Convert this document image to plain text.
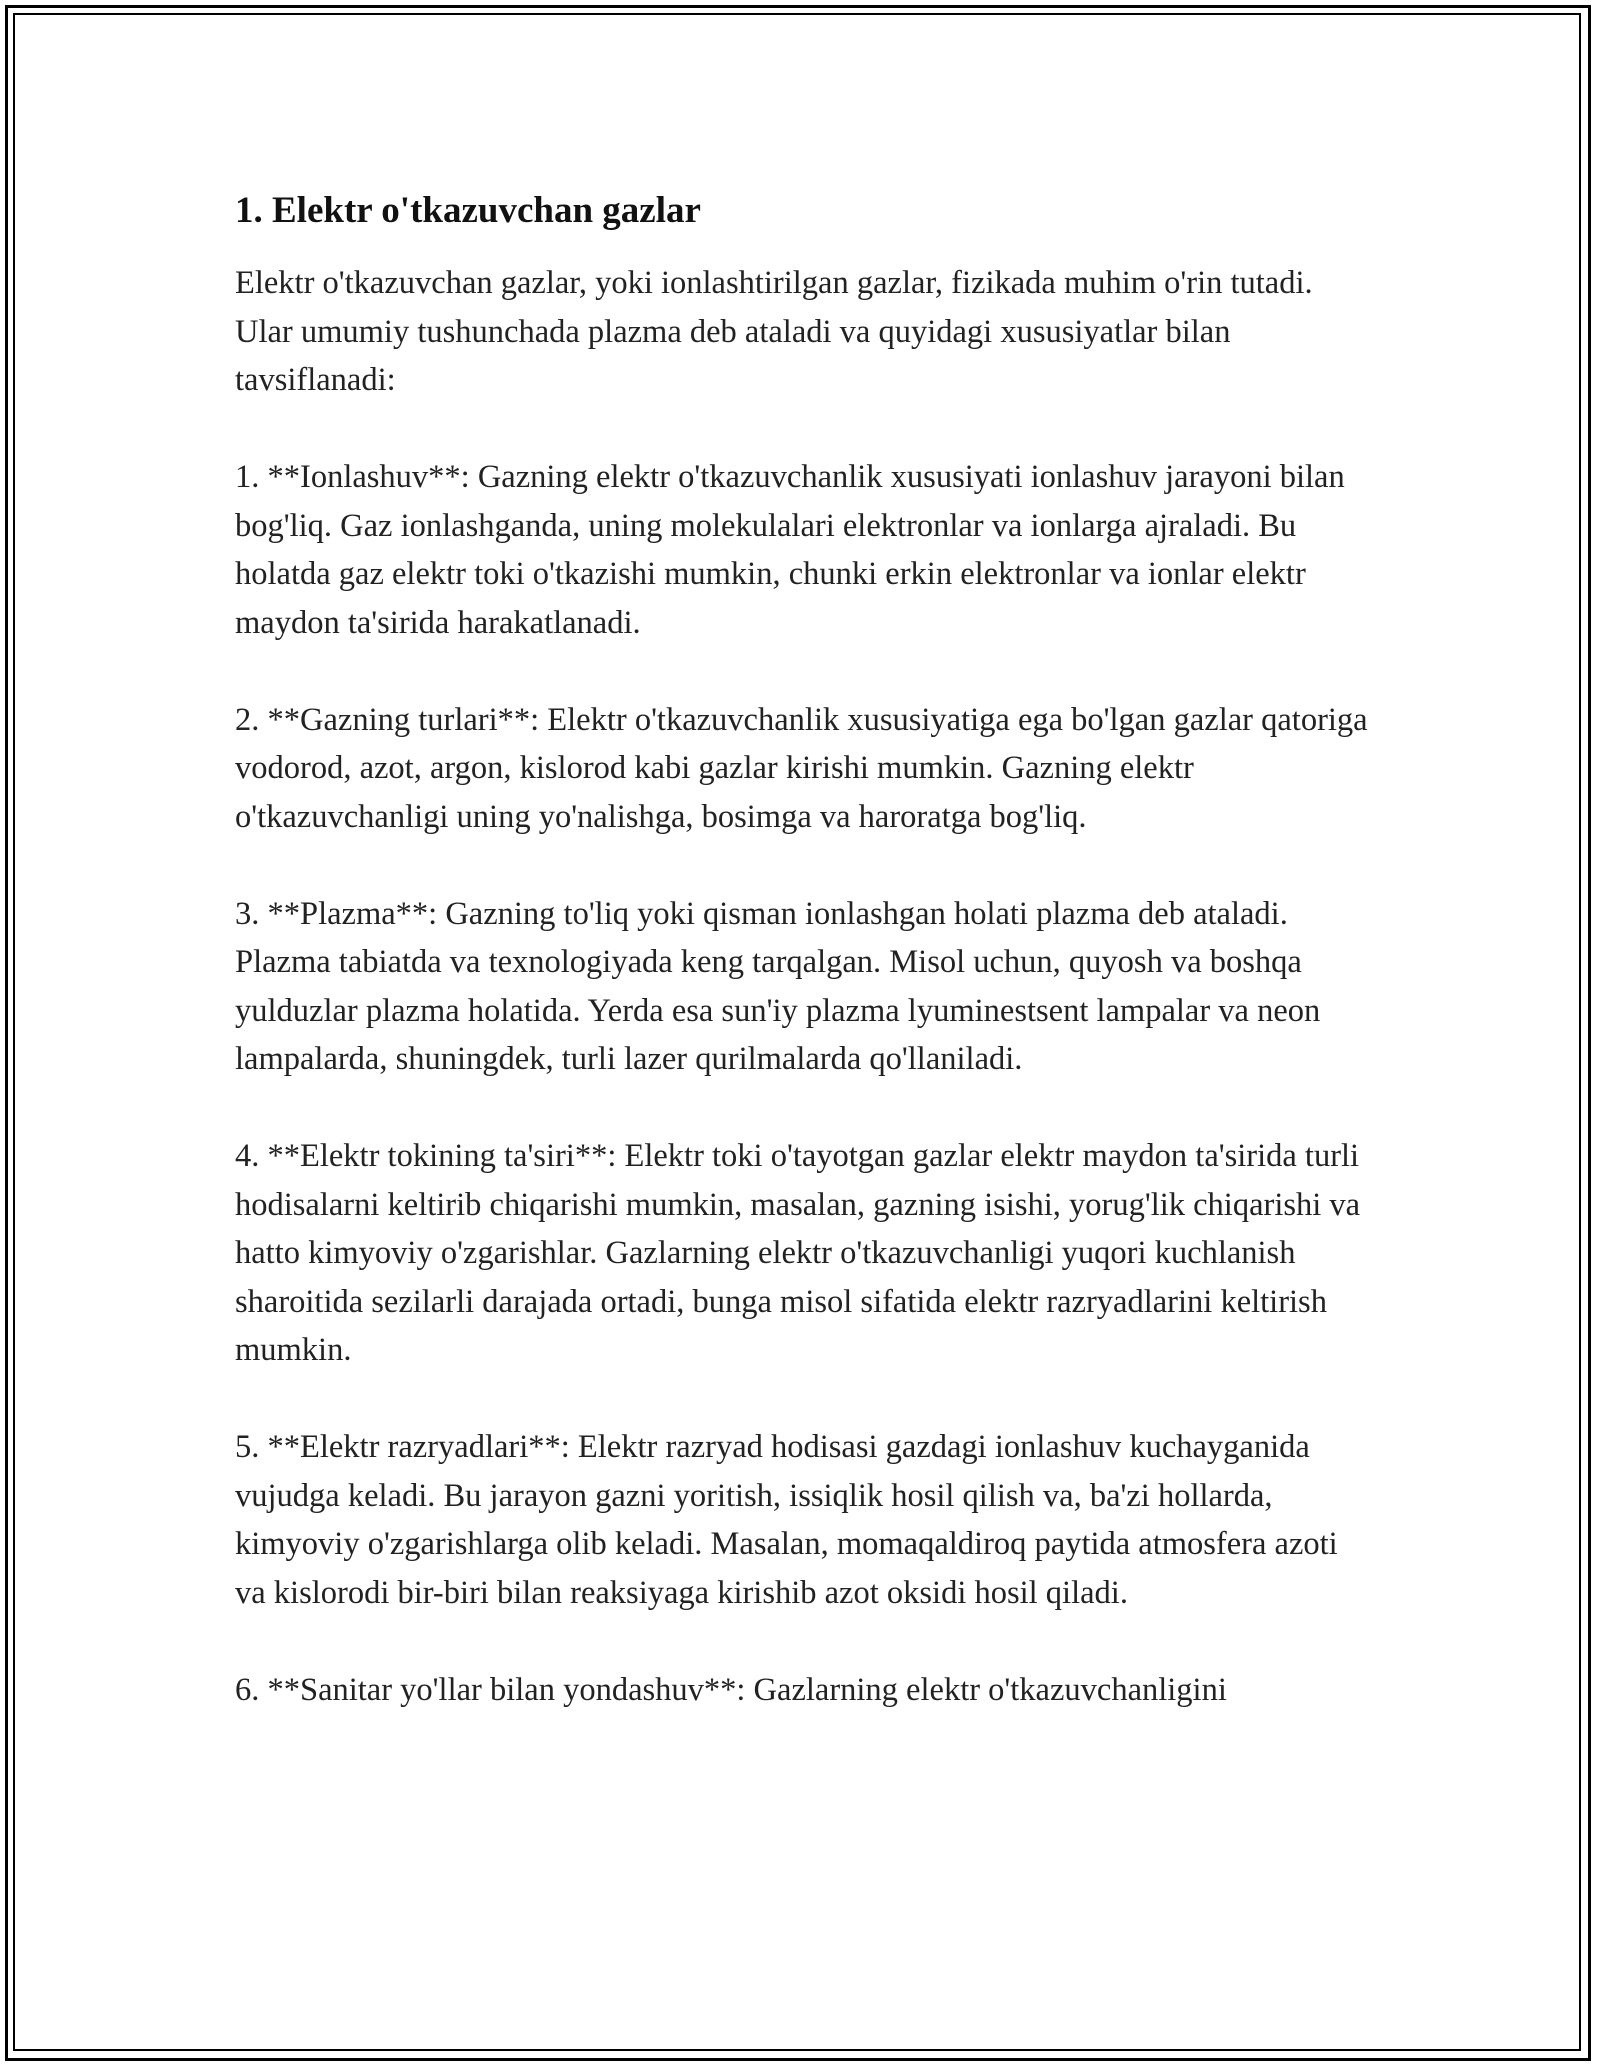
1. Elektr o'tkazuvchan gazlar

Elektr o'tkazuvchan gazlar, yoki ionlashtirilgan gazlar, fizikada muhim o'rin tutadi. Ular umumiy tushunchada plazma deb ataladi va quyidagi xususiyatlar bilan tavsiflanadi:

1. **Ionlashuv**: Gazning elektr o'tkazuvchanlik xususiyati ionlashuv jarayoni bilan bog'liq. Gaz ionlashganda, uning molekulalari elektronlar va ionlarga ajraladi. Bu holatda gaz elektr toki o'tkazishi mumkin, chunki erkin elektronlar va ionlar elektr maydon ta'sirida harakatlanadi.

2. **Gazning turlari**: Elektr o'tkazuvchanlik xususiyatiga ega bo'lgan gazlar qatoriga vodorod, azot, argon, kislorod kabi gazlar kirishi mumkin. Gazning elektr o'tkazuvchanligi uning yo'nalishga, bosimga va haroratga bog'liq.

3. **Plazma**: Gazning to'liq yoki qisman ionlashgan holati plazma deb ataladi. Plazma tabiatda va texnologiyada keng tarqalgan. Misol uchun, quyosh va boshqa yulduzlar plazma holatida. Yerda esa sun'iy plazma lyuminestsent lampalar va neon lampalarda, shuningdek, turli lazer qurilmalarda qo'llaniladi.

4. **Elektr tokining ta'siri**: Elektr toki o'tayotgan gazlar elektr maydon ta'sirida turli hodisalarni keltirib chiqarishi mumkin, masalan, gazning isishi, yorug'lik chiqarishi va hatto kimyoviy o'zgarishlar. Gazlarning elektr o'tkazuvchanligi yuqori kuchlanish sharoitida sezilarli darajada ortadi, bunga misol sifatida elektr razryadlarini keltirish mumkin.

5. **Elektr razryadlari**: Elektr razryad hodisasi gazdagi ionlashuv kuchayganida vujudga keladi. Bu jarayon gazni yoritish, issiqlik hosil qilish va, ba'zi hollarda, kimyoviy o'zgarishlarga olib keladi. Masalan, momaqaldiroq paytida atmosfera azoti va kislorodi bir-biri bilan reaksiyaga kirishib azot oksidi hosil qiladi.

6. **Sanitar yo'llar bilan yondashuv**: Gazlarning elektr o'tkazuvchanligini
